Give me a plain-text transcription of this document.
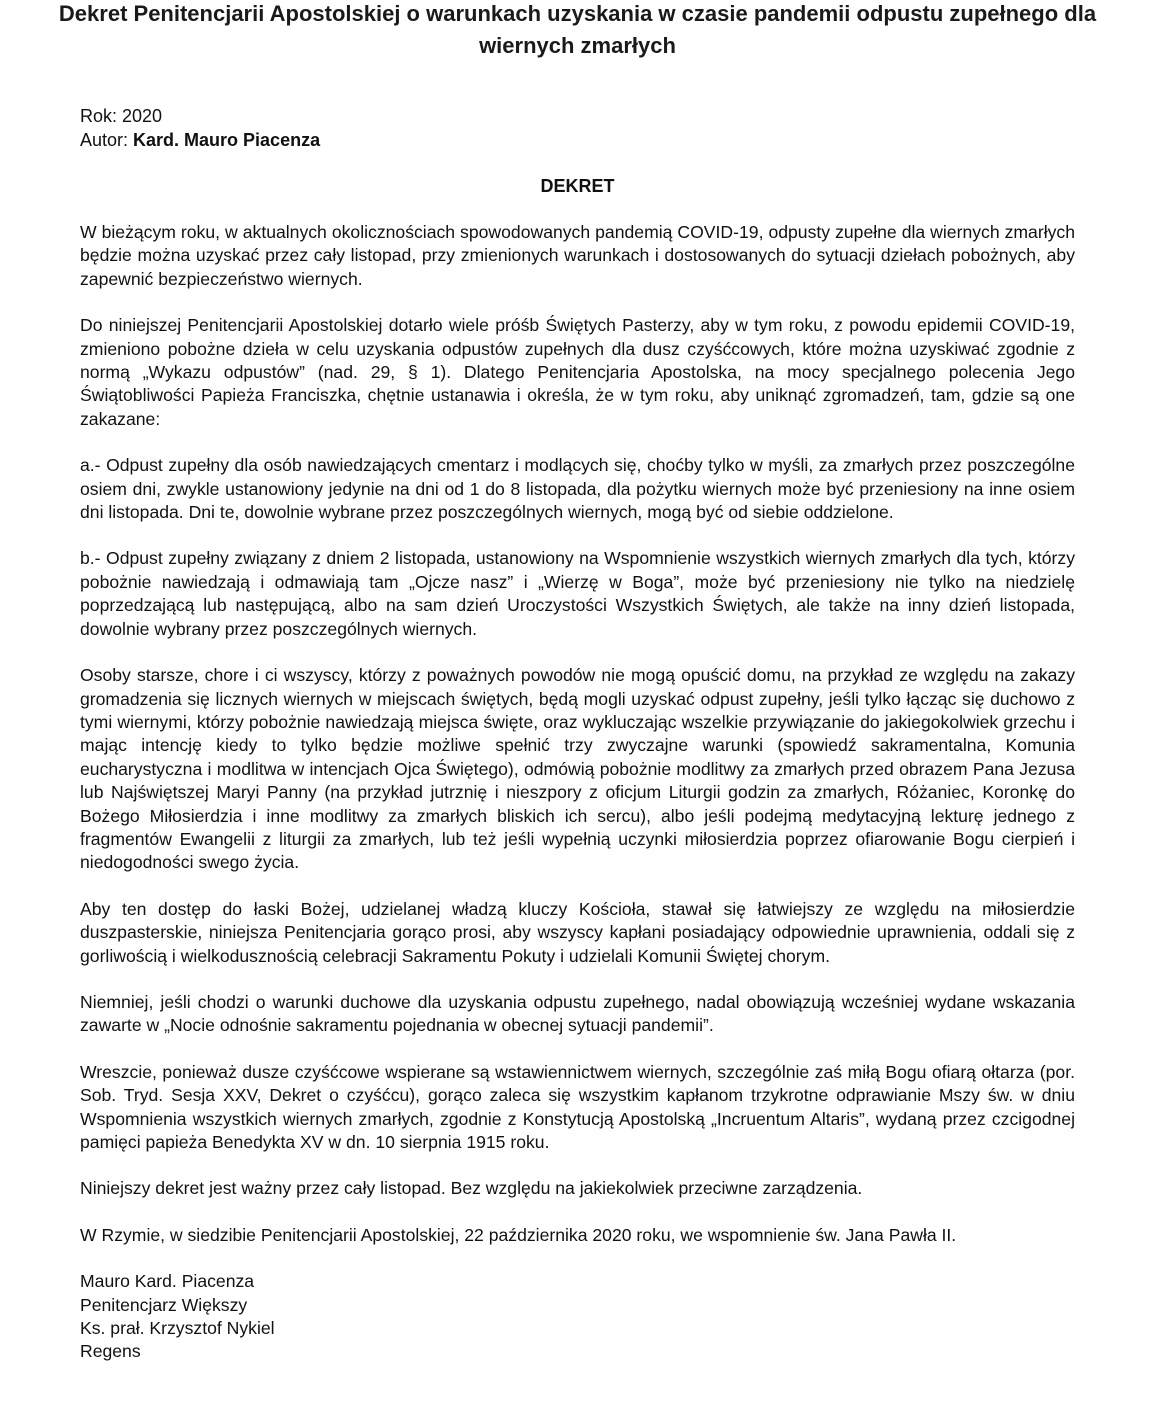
Dekret Penitencjarii Apostolskiej o warunkach uzyskania w czasie pandemii odpustu zupełnego dla wiernych zmarłych
Rok: 2020
Autor: Kard. Mauro Piacenza
DEKRET

W bieżącym roku, w aktualnych okolicznościach spowodowanych pandemią COVID-19, odpusty zupełne dla wiernych zmarłych będzie można uzyskać przez cały listopad, przy zmienionych warunkach i dostosowanych do sytuacji dziełach pobożnych, aby zapewnić bezpieczeństwo wiernych.

Do niniejszej Penitencjarii Apostolskiej dotarło wiele próśb Świętych Pasterzy, aby w tym roku, z powodu epidemii COVID-19, zmieniono pobożne dzieła w celu uzyskania odpustów zupełnych dla dusz czyśćcowych, które można uzyskiwać zgodnie z normą „Wykazu odpustów” (nad. 29, § 1). Dlatego Penitencjaria Apostolska, na mocy specjalnego polecenia Jego Świątobliwości Papieża Franciszka, chętnie ustanawia i określa, że w tym roku, aby uniknąć zgromadzeń, tam, gdzie są one zakazane:

a.- Odpust zupełny dla osób nawiedzających cmentarz i modlących się, choćby tylko w myśli, za zmarłych przez poszczególne osiem dni, zwykle ustanowiony jedynie na dni od 1 do 8 listopada, dla pożytku wiernych może być przeniesiony na inne osiem dni listopada. Dni te, dowolnie wybrane przez poszczególnych wiernych, mogą być od siebie oddzielone.

b.- Odpust zupełny związany z dniem 2 listopada, ustanowiony na Wspomnienie wszystkich wiernych zmarłych dla tych, którzy pobożnie nawiedzają i odmawiają tam „Ojcze nasz” i „Wierzę w Boga”, może być przeniesiony nie tylko na niedzielę poprzedzającą lub następującą, albo na sam dzień Uroczystości Wszystkich Świętych, ale także na inny dzień listopada, dowolnie wybrany przez poszczególnych wiernych.

Osoby starsze, chore i ci wszyscy, którzy z poważnych powodów nie mogą opuścić domu, na przykład ze względu na zakazy gromadzenia się licznych wiernych w miejscach świętych, będą mogli uzyskać odpust zupełny, jeśli tylko łącząc się duchowo z tymi wiernymi, którzy pobożnie nawiedzają miejsca święte, oraz wykluczając wszelkie przywiązanie do jakiegokolwiek grzechu i mając intencję kiedy to tylko będzie możliwe spełnić trzy zwyczajne warunki (spowiedź sakramentalna, Komunia eucharystyczna i modlitwa w intencjach Ojca Świętego), odmówią pobożnie modlitwy za zmarłych przed obrazem Pana Jezusa lub Najświętszej Maryi Panny (na przykład jutrznię i nieszpory z oficjum Liturgii godzin za zmarłych, Różaniec, Koronkę do Bożego Miłosierdzia i inne modlitwy za zmarłych bliskich ich sercu), albo jeśli podejmą medytacyjną lekturę jednego z fragmentów Ewangelii z liturgii za zmarłych, lub też jeśli wypełnią uczynki miłosierdzia poprzez ofiarowanie Bogu cierpień i niedogodności swego życia.

Aby ten dostęp do łaski Bożej, udzielanej władzą kluczy Kościoła, stawał się łatwiejszy ze względu na miłosierdzie duszpasterskie, niniejsza Penitencjaria gorąco prosi, aby wszyscy kapłani posiadający odpowiednie uprawnienia, oddali się z gorliwością i wielkodusznością celebracji Sakramentu Pokuty i udzielali Komunii Świętej chorym.

Niemniej, jeśli chodzi o warunki duchowe dla uzyskania odpustu zupełnego, nadal obowiązują wcześniej wydane wskazania zawarte w „Nocie odnośnie sakramentu pojednania w obecnej sytuacji pandemii”.

Wreszcie, ponieważ dusze czyśćcowe wspierane są wstawiennictwem wiernych, szczególnie zaś miłą Bogu ofiarą ołtarza (por. Sob. Tryd. Sesja XXV, Dekret o czyśćcu), gorąco zaleca się wszystkim kapłanom trzykrotne odprawianie Mszy św. w dniu Wspomnienia wszystkich wiernych zmarłych, zgodnie z Konstytucją Apostolską „Incruentum Altaris”, wydaną przez czcigodnej pamięci papieża Benedykta XV w dn. 10 sierpnia 1915 roku.

Niniejszy dekret jest ważny przez cały listopad. Bez względu na jakiekolwiek przeciwne zarządzenia.

W Rzymie, w siedzibie Penitencjarii Apostolskiej, 22 października 2020 roku, we wspomnienie św. Jana Pawła II.

Mauro Kard. Piacenza
Penitencjarz Większy
Ks. prał. Krzysztof Nykiel
Regens
